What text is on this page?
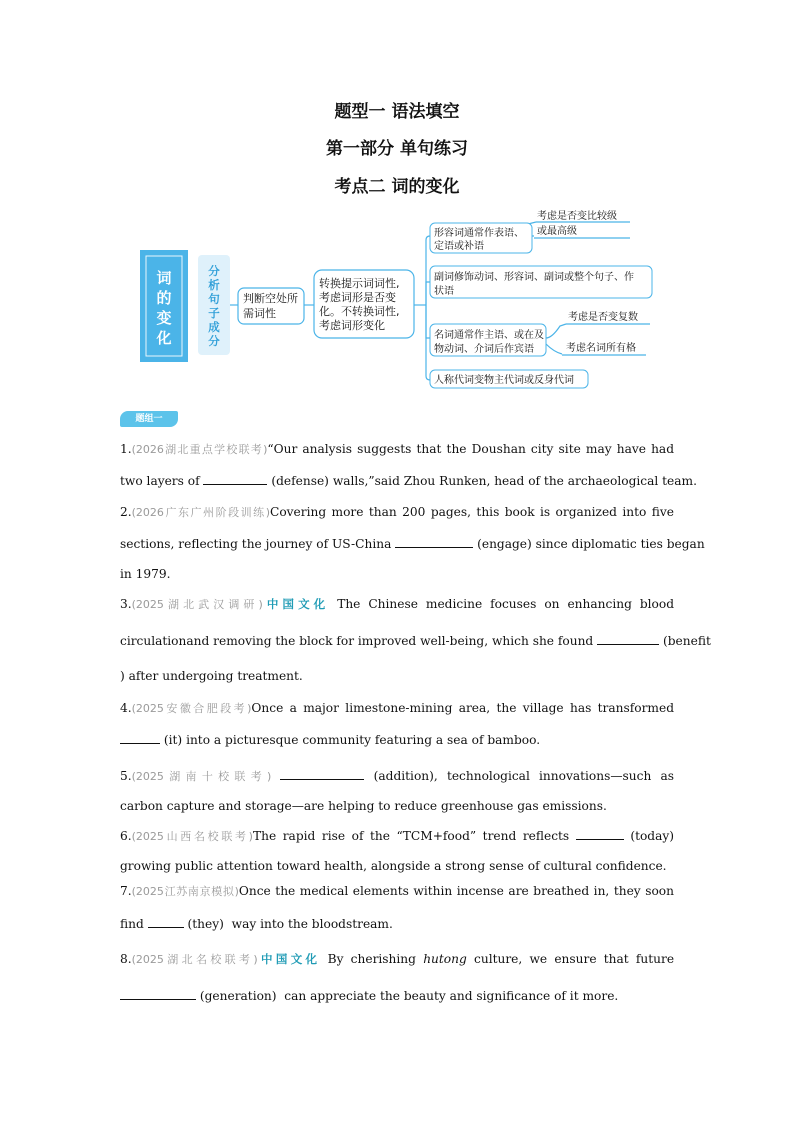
题型一 语法填空
第一部分 单句练习
考点二 词的变化
词
的
变
化
分
析
句
子
成
分
判断空处所
需词性
转换提示词词性,
考虑词形是否变
化。不转换词性,
考虑词形变化
形容词通常作表语、
定语或补语
考虑是否变比较级
或最高级
副词修饰动词、形容词、副词或整个句子、作
状语
名词通常作主语、或在及
物动词、介词后作宾语
考虑是否变复数
考虑名词所有格
人称代词变物主代词或反身代词
题组一
1.(2026湖北重点学校联考)“Our analysis suggests that the Doushan city site may have had
two layers of	(defense) walls,”said Zhou Runken, head of the archaeological team.
2.(2026广东广州阶段训练)Covering more than 200 pages, this book is organized into five
sections, reflecting the journey of US-China	(engage) since diplomatic ties began
in 1979.
3.(2025湖北武汉调研)中国文化 The Chinese medicine focuses on enhancing blood
circulationand removing the block for improved well-being, which she found	(benefit
) after undergoing treatment.
4.(2025安徽合肥段考)Once a major limestone-mining area, the village has transformed
(it) into a picturesque community featuring a sea of bamboo.
5.(2025湖南十校联考)	(addition), technological innovations—such as
carbon capture and storage—are helping to reduce greenhouse gas emissions.
6.(2025山西名校联考)The rapid rise of the “TCM+food” trend reflects	(today)
growing public attention toward health, alongside a strong sense of cultural confidence.
7.(2025江苏南京模拟)Once the medical elements within incense are breathed in, they soon
find	(they) way into the bloodstream.
8.(2025湖北名校联考)中国文化 By cherishing hutong culture, we ensure that future
(generation) can appreciate the beauty and significance of it more.
